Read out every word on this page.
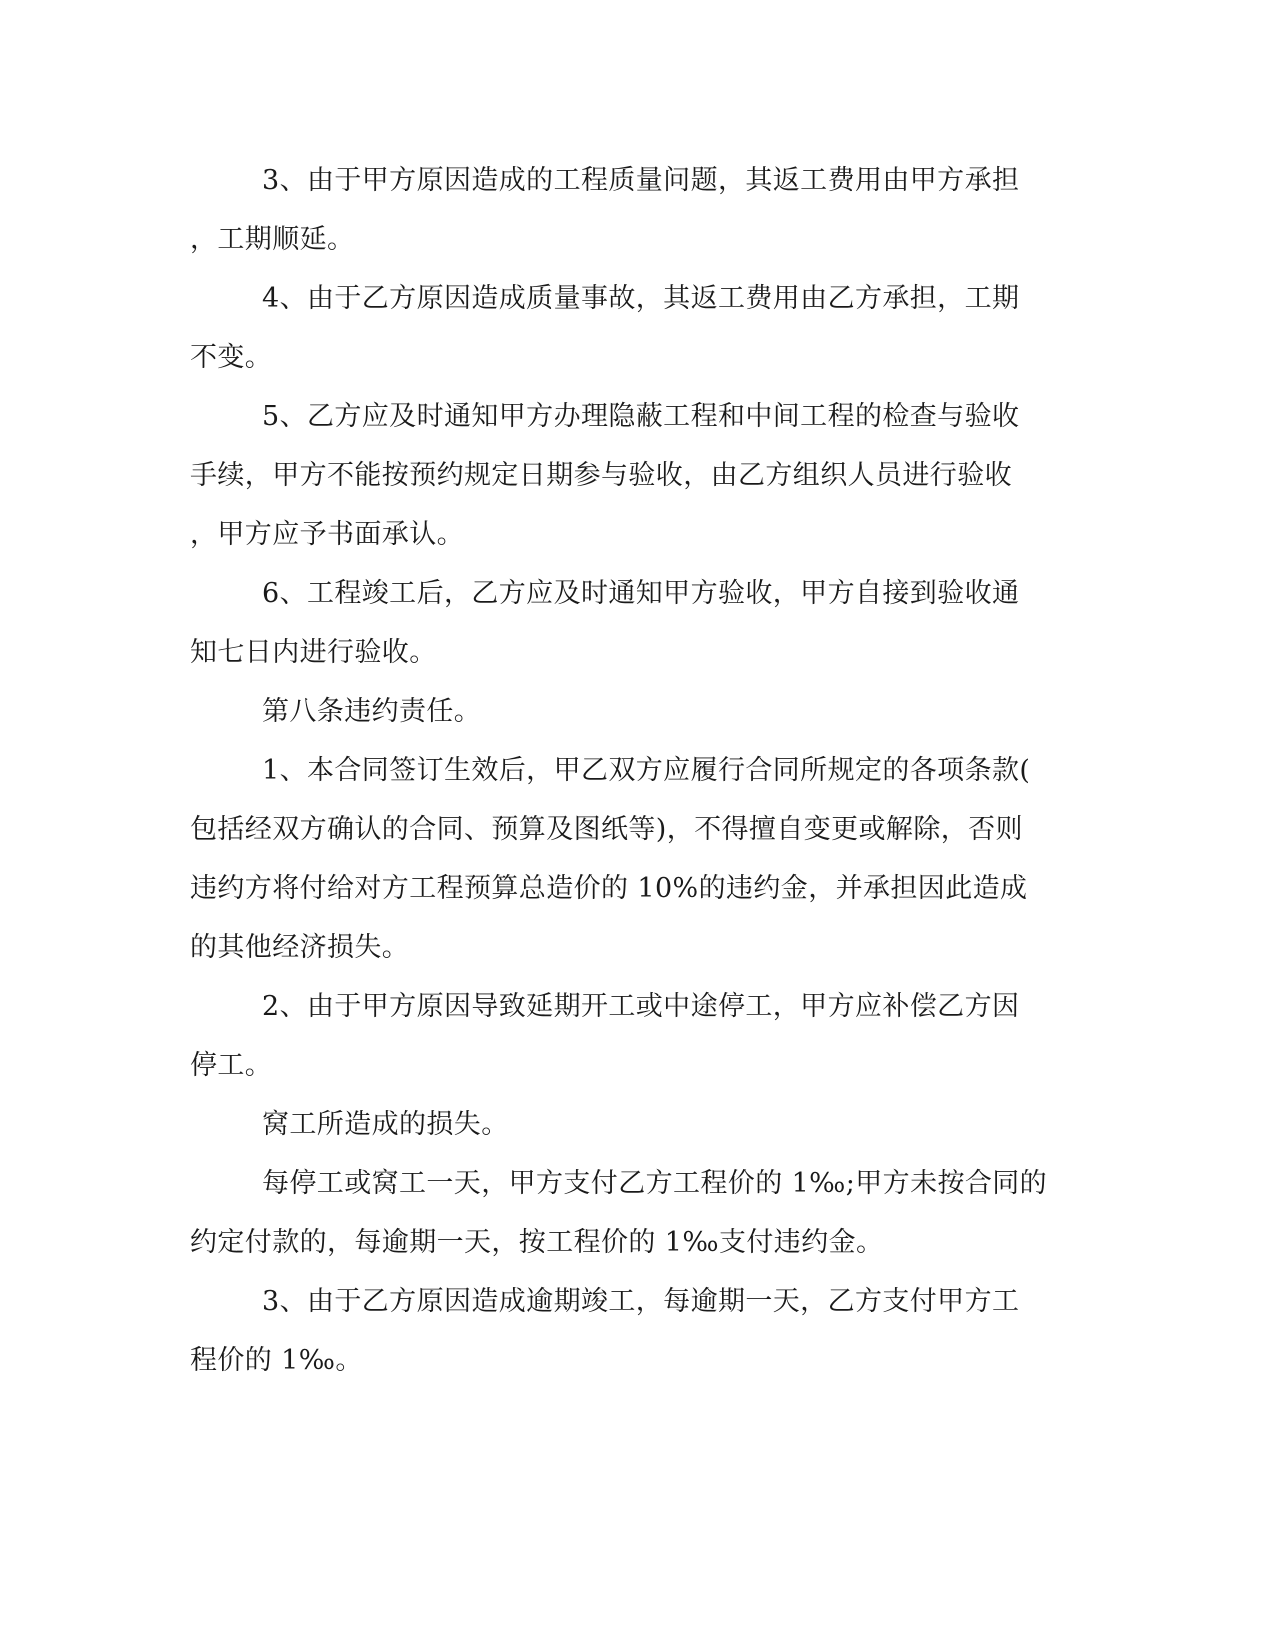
3、由于甲方原因造成的工程质量问题，其返工费用由甲方承担
，工期顺延。
4、由于乙方原因造成质量事故，其返工费用由乙方承担，工期
不变。
5、乙方应及时通知甲方办理隐蔽工程和中间工程的检查与验收
手续，甲方不能按预约规定日期参与验收，由乙方组织人员进行验收
，甲方应予书面承认。
6、工程竣工后，乙方应及时通知甲方验收，甲方自接到验收通
知七日内进行验收。
第八条违约责任。
1、本合同签订生效后，甲乙双方应履行合同所规定的各项条款(
包括经双方确认的合同、预算及图纸等)，不得擅自变更或解除，否则
违约方将付给对方工程预算总造价的 10%的违约金，并承担因此造成
的其他经济损失。
2、由于甲方原因导致延期开工或中途停工，甲方应补偿乙方因
停工。
窝工所造成的损失。
每停工或窝工一天，甲方支付乙方工程价的 1‰;甲方未按合同的
约定付款的，每逾期一天，按工程价的 1‰支付违约金。
3、由于乙方原因造成逾期竣工，每逾期一天，乙方支付甲方工
程价的 1‰。
